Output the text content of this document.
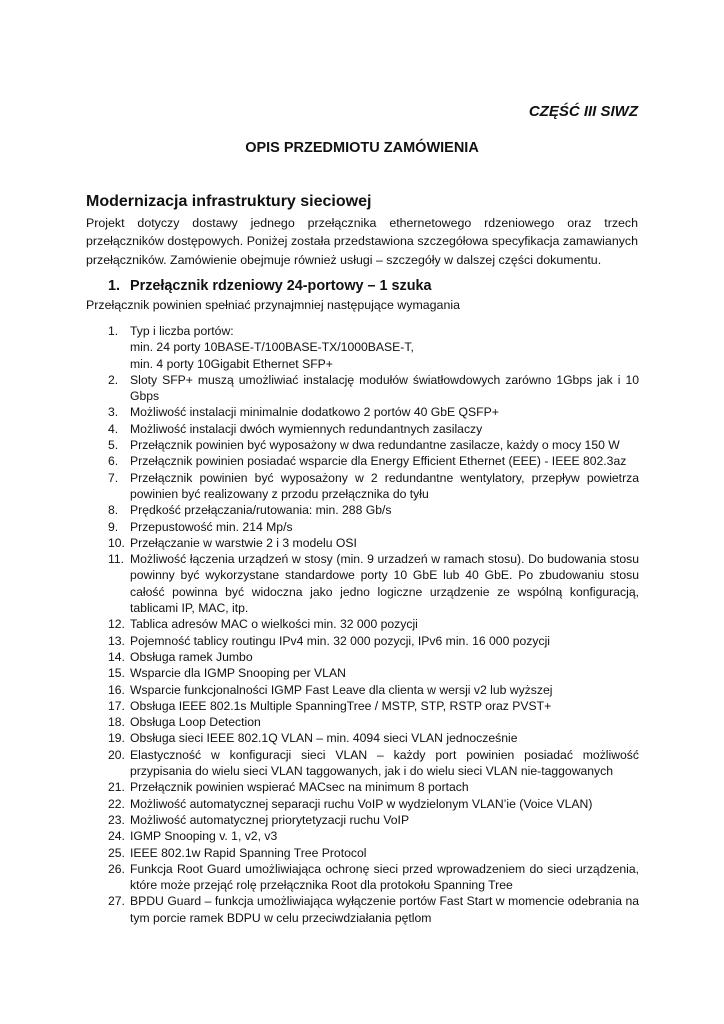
CZĘŚĆ III SIWZ
OPIS PRZEDMIOTU ZAMÓWIENIA
Modernizacja infrastruktury sieciowej

Projekt dotyczy dostawy jednego przełącznika ethernetowego rdzeniowego oraz trzech przełączników dostępowych. Poniżej została przedstawiona szczegółowa specyfikacja zamawianych przełączników. Zamówienie obejmuje również usługi – szczegóły w dalszej części dokumentu.

1. Przełącznik rdzeniowy 24-portowy – 1 szuka
Przełącznik powinien spełniać przynajmniej następujące wymagania
1. Typ i liczba portów:
min. 24 porty 10BASE-T/100BASE-TX/1000BASE-T,
min. 4 porty 10Gigabit Ethernet SFP+
2. Sloty SFP+ muszą umożliwiać instalację modułów światłowdowych zarówno 1Gbps jak i 10 Gbps
3. Możliwość instalacji minimalnie dodatkowo 2 portów 40 GbE QSFP+
4. Możliwość instalacji dwóch wymiennych redundantnych zasilaczy
5. Przełącznik powinien być wyposażony w dwa redundantne zasilacze, każdy o mocy 150 W
6. Przełącznik powinien posiadać wsparcie dla Energy Efficient Ethernet (EEE) - IEEE 802.3az
7. Przełącznik powinien być wyposażony w 2 redundantne wentylatory, przepływ powietrza powinien być realizowany z przodu przełącznika do tyłu
8. Prędkość przełączania/rutowania: min. 288 Gb/s
9. Przepustowość min. 214 Mp/s
10. Przełączanie w warstwie 2 i 3 modelu OSI
11. Możliwość łączenia urządzeń w stosy (min. 9 urzadzeń w ramach stosu). Do budowania stosu powinny być wykorzystane standardowe porty 10 GbE lub 40 GbE. Po zbudowaniu stosu całość powinna być widoczna jako jedno logiczne urządzenie ze wspólną konfiguracją, tablicami IP, MAC, itp.
12. Tablica adresów MAC o wielkości min. 32 000 pozycji
13. Pojemność tablicy routingu IPv4 min. 32 000 pozycji, IPv6 min. 16 000 pozycji
14. Obsługa ramek Jumbo
15. Wsparcie dla IGMP Snooping per VLAN
16. Wsparcie funkcjonalności IGMP Fast Leave dla clienta w wersji v2 lub wyższej
17. Obsługa IEEE 802.1s Multiple SpanningTree / MSTP, STP, RSTP oraz PVST+
18. Obsługa Loop Detection
19. Obsługa sieci IEEE 802.1Q VLAN – min. 4094 sieci VLAN jednocześnie
20. Elastyczność w konfiguracji sieci VLAN – każdy port powinien posiadać możliwość przypisania do wielu sieci VLAN taggowanych, jak i do wielu sieci VLAN nie-taggowanych
21. Przełącznik powinien wspierać MACsec na minimum 8 portach
22. Możliwość automatycznej separacji ruchu VoIP w wydzielonym VLAN’ie (Voice VLAN)
23. Możliwość automatycznej priorytetyzacji ruchu VoIP
24. IGMP Snooping v. 1, v2, v3
25. IEEE 802.1w Rapid Spanning Tree Protocol
26. Funkcja Root Guard umożliwiająca ochronę sieci przed wprowadzeniem do sieci urządzenia, które może przejąć rolę przełącznika Root dla protokołu Spanning Tree
27. BPDU Guard – funkcja umożliwiająca wyłączenie portów Fast Start w momencie odebrania na tym porcie ramek BDPU w celu przeciwdziałania pętlom
